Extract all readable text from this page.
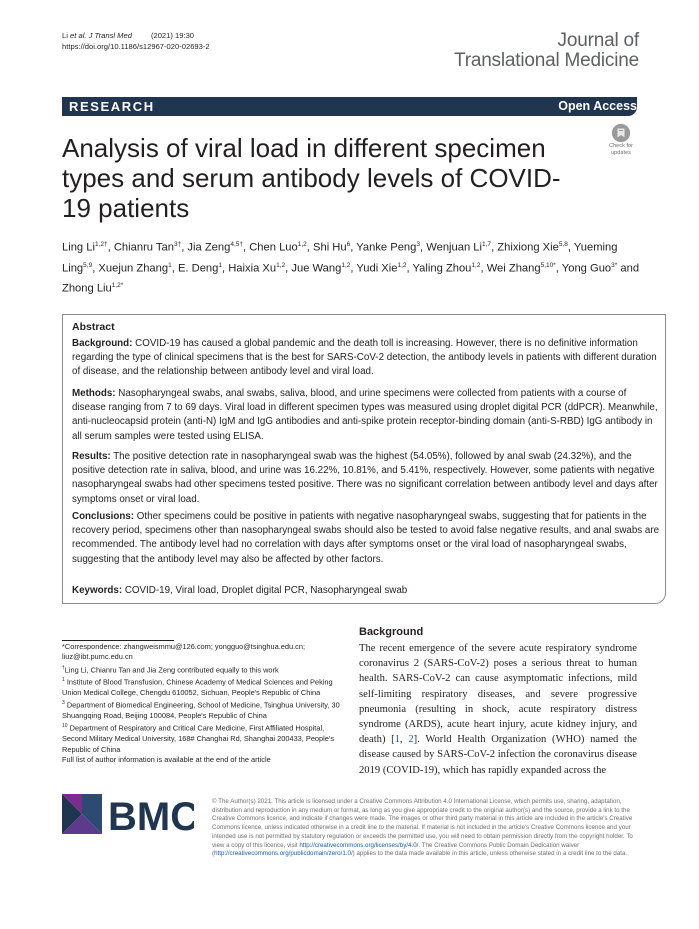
Li et al. J Transl Med	(2021) 19:30
https://doi.org/10.1186/s12967-020-02693-2	Journal of
Translational Medicine
RESEARCH	Open Access
Check for
updates
Analysis of viral load in different specimen types and serum antibody levels of COVID-19 patients
Ling $Li^{1,2\dagger}$, Chianru Tan$^{3\dagger}$, Jia Zeng$^{4,5\dagger}$, Chen Luo$^{1,2}$, Shi Hu$^6$, Yanke Peng$^3$, Wenjuan Li$^{1,7}$, Zhixiong Xie$^{5,8}$, Yueming Ling$^{5,9}$, Xuejun Zhang$^1$, E. Deng$^1$, Haixia Xu$^{1,2}$, Jue Wang$^{1,2}$, Yudi Xie$^{1,2}$, Yaling Zhou$^{1,2}$, Wei Zhang$^{5,10*}$, Yong Guo$^{3*}$ and Zhong Liu$^{1,2*}$
Abstract
Background: COVID-19 has caused a global pandemic and the death toll is increasing. However, there is no definitive information regarding the type of clinical specimens that is the best for SARS-CoV-2 detection, the antibody levels in patients with different duration of disease, and the relationship between antibody level and viral load.
Methods: Nasopharyngeal swabs, anal swabs, saliva, blood, and urine specimens were collected from patients with a course of disease ranging from 7 to 69 days. Viral load in different specimen types was measured using droplet digital PCR (ddPCR). Meanwhile, anti-nucleocapsid protein (anti-N) IgM and IgG antibodies and anti-spike protein receptor-binding domain (anti-S-RBD) IgG antibody in all serum samples were tested using ELISA.
Results: The positive detection rate in nasopharyngeal swab was the highest (54.05%), followed by anal swab (24.32%), and the positive detection rate in saliva, blood, and urine was 16.22%, 10.81%, and 5.41%, respectively. However, some patients with negative nasopharyngeal swabs had other specimens tested positive. There was no significant correlation between antibody level and days after symptoms onset or viral load.
Conclusions: Other specimens could be positive in patients with negative nasopharyngeal swabs, suggesting that for patients in the recovery period, specimens other than nasopharyngeal swabs should also be tested to avoid false negative results, and anal swabs are recommended. The antibody level had no correlation with days after symptoms onset or the viral load of nasopharyngeal swabs, suggesting that the antibody level may also be affected by other factors.
Keywords: COVID-19, Viral load, Droplet digital PCR, Nasopharyngeal swab
*Correspondence: zhangweismmu@126.com; yongguo@tsinghua.edu.cn; liuz@ibt.pumc.edu.cn
†Ling Li, Chianru Tan and Jia Zeng contributed equally to this work
$^1$ Institute of Blood Transfusion, Chinese Academy of Medical Sciences and Peking Union Medical College, Chengdu 610052, Sichuan, People's Republic of China
$^3$ Department of Biomedical Engineering, School of Medicine, Tsinghua University, 30 Shuangqing Road, Beijing 100084, People's Republic of China
$^{10}$ Department of Respiratory and Critical Care Medicine, First Affiliated Hospital, Second Military Medical University, 168# Changhai Rd, Shanghai 200433, People's Republic of China
Full list of author information is available at the end of the article
Background
The recent emergence of the severe acute respiratory syndrome coronavirus 2 (SARS-CoV-2) poses a serious threat to human health. SARS-CoV-2 can cause asymptomatic infections, mild self-limiting respiratory diseases, and severe progressive pneumonia (resulting in shock, acute respiratory distress syndrome (ARDS), acute heart injury, acute kidney injury, and death) [1, 2]. World Health Organization (WHO) named the disease caused by SARS-CoV-2 infection the coronavirus disease 2019 (COVID-19), which has rapidly expanded across the
BMC © The Author(s) 2021. This article is licensed under a Creative Commons Attribution 4.0 International License, which permits use, sharing, adaptation, distribution and reproduction in any medium or format, as long as you give appropriate credit to the original author(s) and the source, provide a link to the Creative Commons licence, and indicate if changes were made. The images or other third party material in this article are included in the article's Creative Commons licence, unless indicated otherwise in a credit line to the material. If material is not included in the article's Creative Commons licence and your intended use is not permitted by statutory regulation or exceeds the permitted use, you will need to obtain permission directly from the copyright holder. To view a copy of this licence, visit http://creativecommons.org/licenses/by/4.0/. The Creative Commons Public Domain Dedication waiver (http://creativecommons.org/publicdomain/zero/1.0/) applies to the data made available in this article, unless otherwise stated in a credit line to the data.
